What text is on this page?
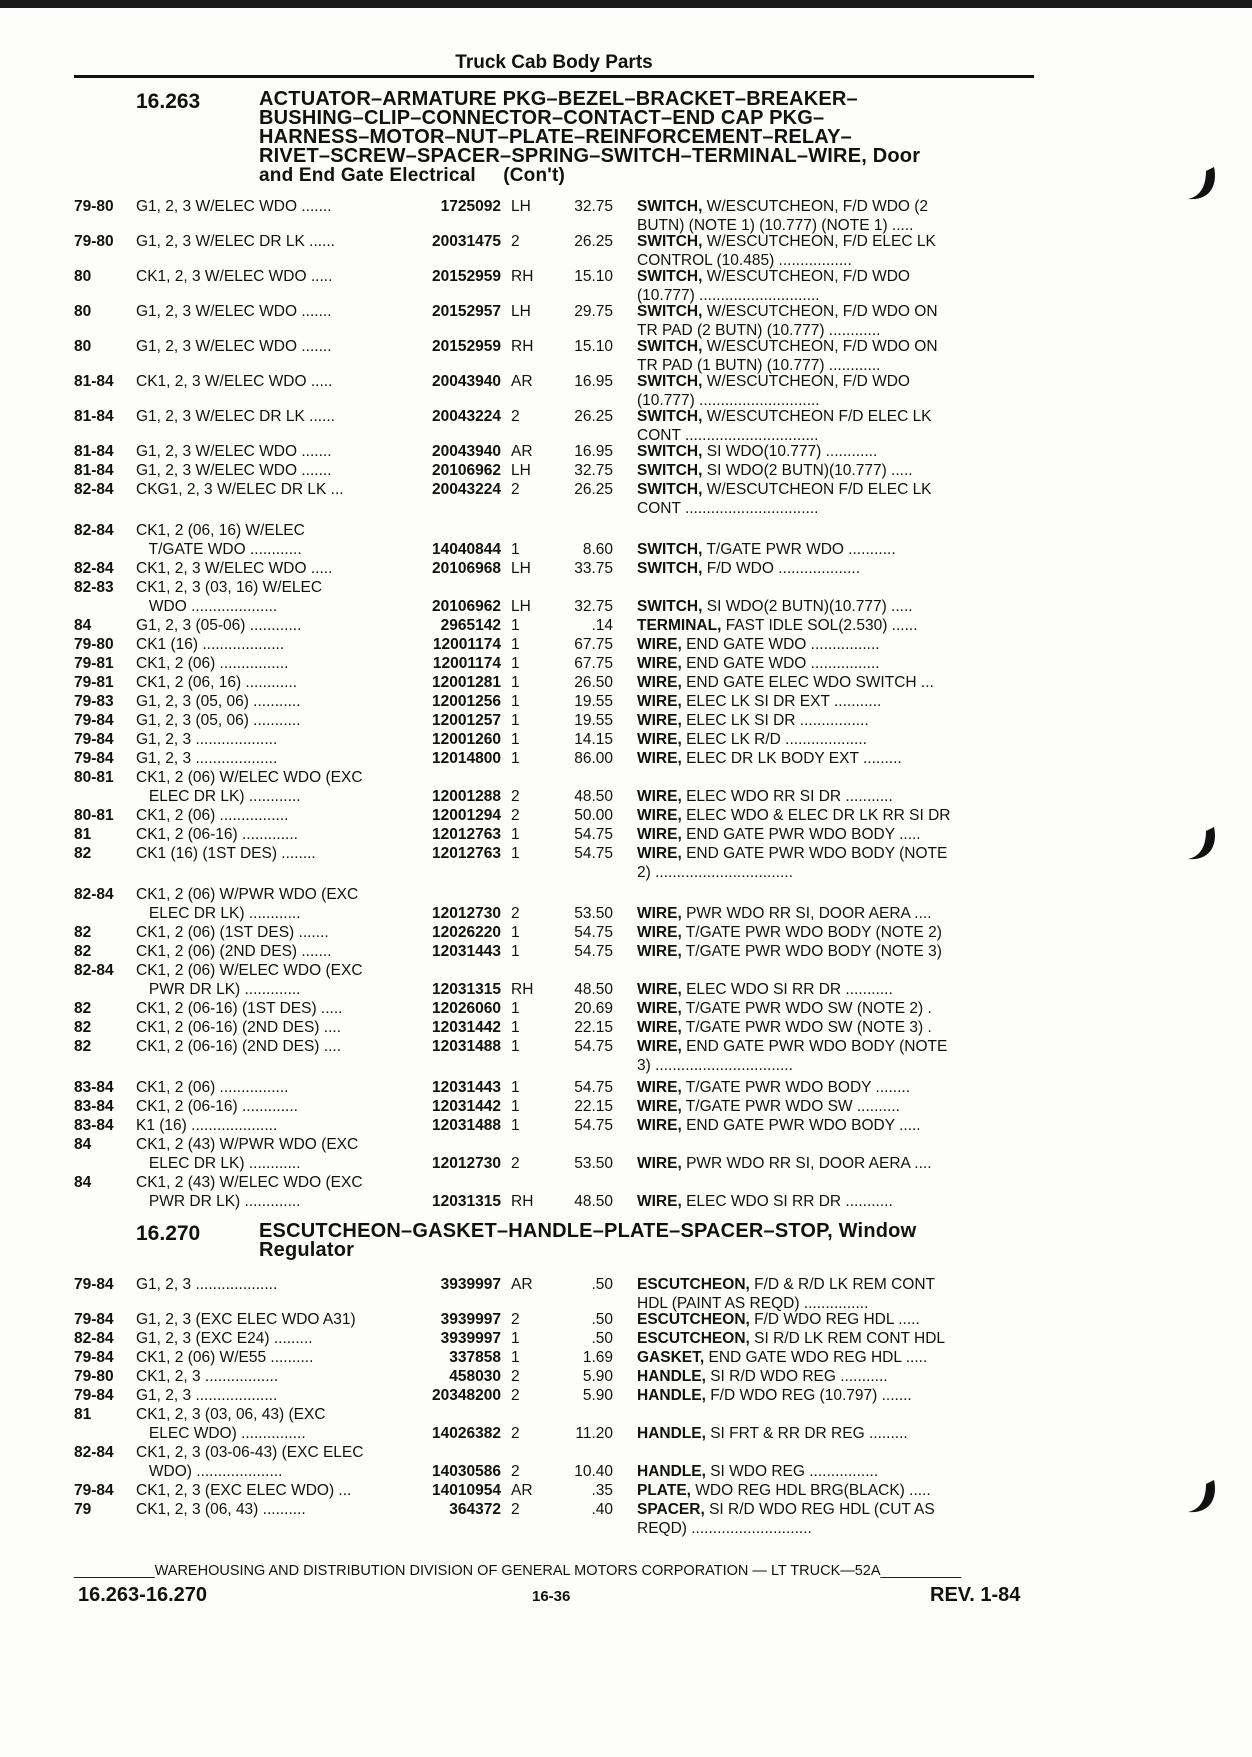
Truck Cab Body Parts
16.263	ACTUATOR–ARMATURE PKG–BEZEL–BRACKET–BREAKER–
BUSHING–CLIP–CONNECTOR–CONTACT–END CAP PKG–
HARNESS–MOTOR–NUT–PLATE–REINFORCEMENT–RELAY–
RIVET–SCREW–SPACER–SPRING–SWITCH–TERMINAL–WIRE, Door
and End Gate Electrical     (Con't)
79-80	G1, 2, 3 W/ELEC WDO .......	1725092 LH	32.75 SWITCH, W/ESCUTCHEON, F/D WDO (2
BUTN) (NOTE 1) (10.777) (NOTE 1) .....
79-80	G1, 2, 3 W/ELEC DR LK ......	20031475 2	26.25 SWITCH, W/ESCUTCHEON, F/D ELEC LK
CONTROL (10.485) .................
80	CK1, 2, 3 W/ELEC WDO .....	20152959 RH	15.10 SWITCH, W/ESCUTCHEON, F/D WDO
(10.777) ............................
80	G1, 2, 3 W/ELEC WDO .......	20152957 LH	29.75 SWITCH, W/ESCUTCHEON, F/D WDO ON
TR PAD (2 BUTN) (10.777) ............
80	G1, 2, 3 W/ELEC WDO .......	20152959 RH	15.10 SWITCH, W/ESCUTCHEON, F/D WDO ON
TR PAD (1 BUTN) (10.777) ............
81-84	CK1, 2, 3 W/ELEC WDO .....	20043940 AR	16.95 SWITCH, W/ESCUTCHEON, F/D WDO
(10.777) ............................
81-84	G1, 2, 3 W/ELEC DR LK ......	20043224 2	26.25 SWITCH, W/ESCUTCHEON F/D ELEC LK
CONT ...............................
81-84	G1, 2, 3 W/ELEC WDO .......	20043940 AR	16.95 SWITCH, SI WDO(10.777) ............
81-84	G1, 2, 3 W/ELEC WDO .......	20106962 LH	32.75 SWITCH, SI WDO(2 BUTN)(10.777) .....
82-84	CKG1, 2, 3 W/ELEC DR LK ...	20043224 2	26.25 SWITCH, W/ESCUTCHEON F/D ELEC LK
CONT ...............................
82-84	CK1, 2 (06, 16) W/ELEC
T/GATE WDO ............	14040844 1	8.60 SWITCH, T/GATE PWR WDO ...........
82-84	CK1, 2, 3 W/ELEC WDO .....	20106968 LH	33.75 SWITCH, F/D WDO ...................
82-83	CK1, 2, 3 (03, 16) W/ELEC
WDO ....................	20106962 LH	32.75 SWITCH, SI WDO(2 BUTN)(10.777) .....
84	G1, 2, 3 (05-06) ............	2965142 1	.14 TERMINAL, FAST IDLE SOL(2.530) ......
79-80	CK1 (16) ...................	12001174 1	67.75 WIRE, END GATE WDO ................
79-81	CK1, 2 (06) ................	12001174 1	67.75 WIRE, END GATE WDO ................
79-81	CK1, 2 (06, 16) ............	12001281 1	26.50 WIRE, END GATE ELEC WDO SWITCH ...
79-83	G1, 2, 3 (05, 06) ...........	12001256 1	19.55 WIRE, ELEC LK SI DR EXT ...........
79-84	G1, 2, 3 (05, 06) ...........	12001257 1	19.55 WIRE, ELEC LK SI DR ................
79-84	G1, 2, 3 ...................	12001260 1	14.15 WIRE, ELEC LK R/D ...................
79-84	G1, 2, 3 ...................	12014800 1	86.00 WIRE, ELEC DR LK BODY EXT .........
80-81	CK1, 2 (06) W/ELEC WDO (EXC
ELEC DR LK) ............	12001288 2	48.50 WIRE, ELEC WDO RR SI DR ...........
80-81	CK1, 2 (06) ................	12001294 2	50.00 WIRE, ELEC WDO & ELEC DR LK RR SI DR
81	CK1, 2 (06-16) .............	12012763 1	54.75 WIRE, END GATE PWR WDO BODY .....
82	CK1 (16) (1ST DES) ........	12012763 1	54.75 WIRE, END GATE PWR WDO BODY (NOTE
2) ................................
82-84	CK1, 2 (06) W/PWR WDO (EXC
ELEC DR LK) ............	12012730 2	53.50 WIRE, PWR WDO RR SI, DOOR AERA ....
82	CK1, 2 (06) (1ST DES) .......	12026220 1	54.75 WIRE, T/GATE PWR WDO BODY (NOTE 2)
82	CK1, 2 (06) (2ND DES) .......	12031443 1	54.75 WIRE, T/GATE PWR WDO BODY (NOTE 3)
82-84	CK1, 2 (06) W/ELEC WDO (EXC
PWR DR LK) .............	12031315 RH	48.50 WIRE, ELEC WDO SI RR DR ...........
82	CK1, 2 (06-16) (1ST DES) .....	12026060 1	20.69 WIRE, T/GATE PWR WDO SW (NOTE 2) .
82	CK1, 2 (06-16) (2ND DES) ....	12031442 1	22.15 WIRE, T/GATE PWR WDO SW (NOTE 3) .
82	CK1, 2 (06-16) (2ND DES) ....	12031488 1	54.75 WIRE, END GATE PWR WDO BODY (NOTE
3) ................................
83-84	CK1, 2 (06) ................	12031443 1	54.75 WIRE, T/GATE PWR WDO BODY ........
83-84	CK1, 2 (06-16) .............	12031442 1	22.15 WIRE, T/GATE PWR WDO SW ..........
83-84	K1 (16) ....................	12031488 1	54.75 WIRE, END GATE PWR WDO BODY .....
84	CK1, 2 (43) W/PWR WDO (EXC
ELEC DR LK) ............	12012730 2	53.50 WIRE, PWR WDO RR SI, DOOR AERA ....
84	CK1, 2 (43) W/ELEC WDO (EXC
PWR DR LK) .............	12031315 RH	48.50 WIRE, ELEC WDO SI RR DR ...........
16.270	ESCUTCHEON–GASKET–HANDLE–PLATE–SPACER–STOP, Window
Regulator
79-84	G1, 2, 3 ...................	3939997 AR	.50 ESCUTCHEON, F/D & R/D LK REM CONT
HDL (PAINT AS REQD) ...............
79-84	G1, 2, 3 (EXC ELEC WDO A31)	3939997 2	.50 ESCUTCHEON, F/D WDO REG HDL .....
82-84	G1, 2, 3 (EXC E24) .........	3939997 1	.50 ESCUTCHEON, SI R/D LK REM CONT HDL
79-84	CK1, 2 (06) W/E55 ..........	337858 1	1.69 GASKET, END GATE WDO REG HDL .....
79-80	CK1, 2, 3 .................	458030 2	5.90 HANDLE, SI R/D WDO REG ...........
79-84	G1, 2, 3 ...................	20348200 2	5.90 HANDLE, F/D WDO REG (10.797) .......
81	CK1, 2, 3 (03, 06, 43) (EXC
ELEC WDO) ...............	14026382 2	11.20 HANDLE, SI FRT & RR DR REG .........
82-84	CK1, 2, 3 (03-06-43) (EXC ELEC
WDO) ....................	14030586 2	10.40 HANDLE, SI WDO REG ................
79-84	CK1, 2, 3 (EXC ELEC WDO) ...	14010954 AR	.35 PLATE, WDO REG HDL BRG(BLACK) .....
79	CK1, 2, 3 (06, 43) ..........	364372 2	.40 SPACER, SI R/D WDO REG HDL (CUT AS
REQD) ............................
__________WAREHOUSING AND DISTRIBUTION DIVISION OF GENERAL MOTORS CORPORATION — LT TRUCK—52A__________
16.263-16.270	16-36	REV. 1-84
